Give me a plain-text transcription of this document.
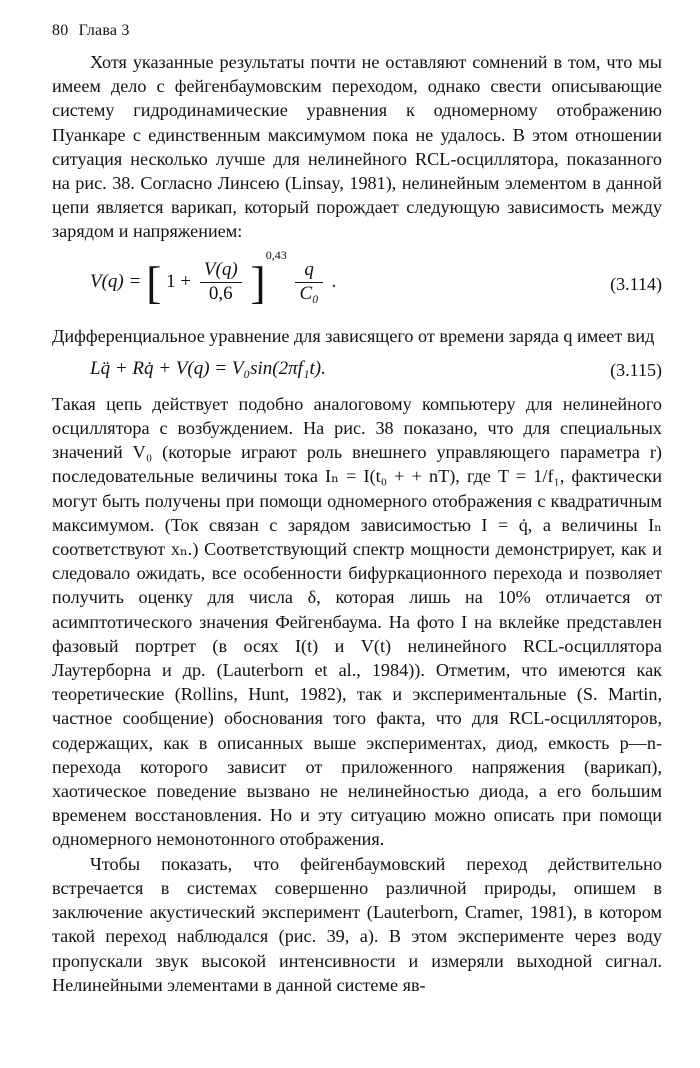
80 Глава 3

Хотя указанные результаты почти не оставляют сомнений в том, что мы имеем дело с фейгенбаумовским переходом, однако свести описывающие систему гидродинамические уравнения к одномерному отображению Пуанкаре с единственным максимумом пока не удалось. В этом отношении ситуация несколько лучше для нелинейного RCL-осциллятора, показанного на рис. 38. Согласно Линсею (Linsay, 1981), нелинейным элементом в данной цепи является варикап, который порождает следующую зависимость между зарядом и напряжением:

V(q) = [ $1 + \frac{V(q)}{0,6} ]^{0,43}$
$\frac{q}{\text{C₀}}$ .	(3.114)

Дифференциальное уравнение для зависящего от времени заряда q имеет вид

Lq̈ + Rq̇ + V(q) = V₀sin(2πf₁t).	(3.115)

Такая цепь действует подобно аналоговому компьютеру для нелинейного осциллятора с возбуждением. На рис. 38 показано, что для специальных значений V₀ (которые играют роль внешнего управляющего параметра r) последовательные величины тока Iₙ = I(t₀ + + nT), где T = 1/f₁, фактически могут быть получены при помощи одномерного отображения с квадратичным максимумом. (Ток связан с зарядом зависимостью I = q̇, а величины Iₙ соответствуют xₙ.) Соответствующий спектр мощности демонстрирует, как и следовало ожидать, все особенности бифуркационного перехода и позволяет получить оценку для числа δ, которая лишь на 10% отличается от асимптотического значения Фейгенбаума. На фото I на вклейке представлен фазовый портрет (в осях I(t) и V(t) нелинейного RCL-осциллятора Лаутерборна и др. (Lauterborn et al., 1984)). Отметим, что имеются как теоретические (Rollins, Hunt, 1982), так и экспериментальные (S. Martin, частное сообщение) обоснования того факта, что для RCL-осцилляторов, содержащих, как в описанных выше экспериментах, диод, емкость p—n-перехода которого зависит от приложенного напряжения (варикап), хаотическое поведение вызвано не нелинейностью диода, а его большим временем восстановления. Но и эту ситуацию можно описать при помощи одномерного немонотонного отображения.

Чтобы показать, что фейгенбаумовский переход действительно встречается в системах совершенно различной природы, опишем в заключение акустический эксперимент (Lauterborn, Cramer, 1981), в котором такой переход наблюдался (рис. 39, a). В этом эксперименте через воду пропускали звук высокой интенсивности и измеряли выходной сигнал. Нелинейными элементами в данной системе яв-
